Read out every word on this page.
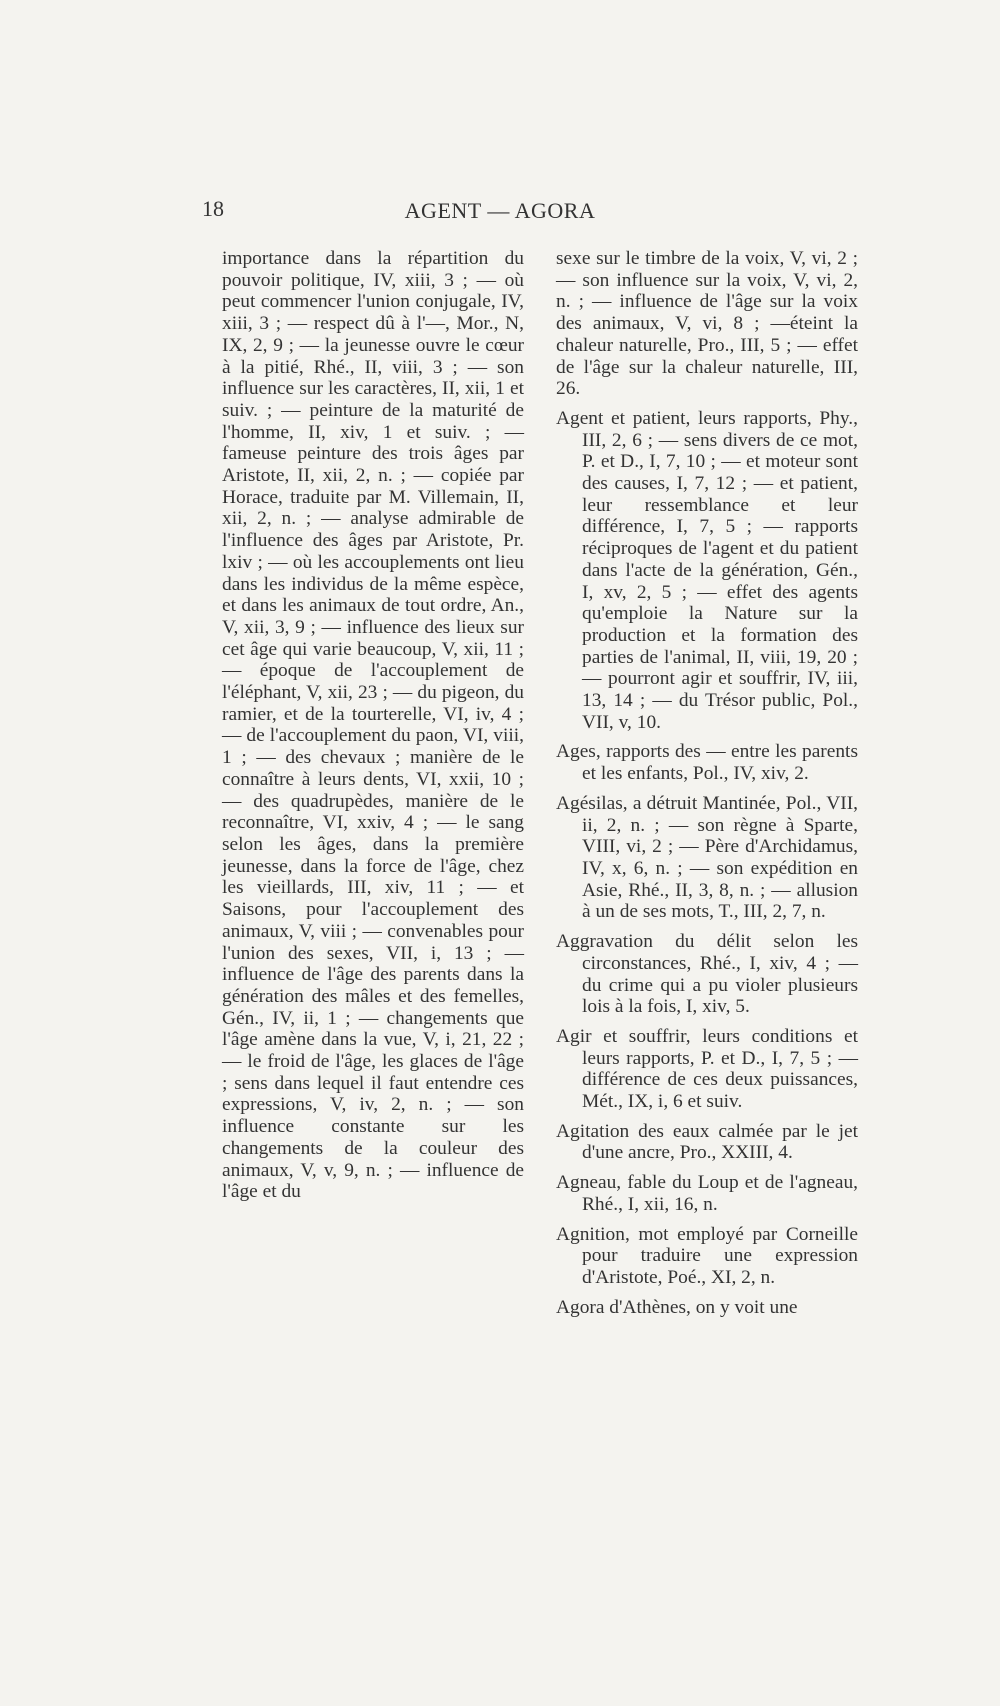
18	AGENT — AGORA

importance dans la répartition du pouvoir politique, IV, xiii, 3 ; — où peut commencer l'union conjugale, IV, xiii, 3 ; — respect dû à l'—, Mor., N, IX, 2, 9 ; — la jeunesse ouvre le cœur à la pitié, Rhé., II, viii, 3 ; — son influence sur les caractères, II, xii, 1 et suiv. ; — peinture de la maturité de l'homme, II, xiv, 1 et suiv. ; — fameuse peinture des trois âges par Aristote, II, xii, 2, n. ; — copiée par Horace, traduite par M. Villemain, II, xii, 2, n. ; — analyse admirable de l'influence des âges par Aristote, Pr. lxiv ; — où les accouplements ont lieu dans les individus de la même espèce, et dans les animaux de tout ordre, An., V, xii, 3, 9 ; — influence des lieux sur cet âge qui varie beaucoup, V, xii, 11 ; — époque de l'accouplement de l'éléphant, V, xii, 23 ; — du pigeon, du ramier, et de la tourterelle, VI, iv, 4 ; — de l'accouplement du paon, VI, viii, 1 ; — des chevaux ; manière de le connaître à leurs dents, VI, xxii, 10 ; — des quadrupèdes, manière de le reconnaître, VI, xxiv, 4 ; — le sang selon les âges, dans la première jeunesse, dans la force de l'âge, chez les vieillards, III, xiv, 11 ; — et Saisons, pour l'accouplement des animaux, V, viii ; — convenables pour l'union des sexes, VII, i, 13 ; — influence de l'âge des parents dans la génération des mâles et des femelles, Gén., IV, ii, 1 ; — changements que l'âge amène dans la vue, V, i, 21, 22 ; — le froid de l'âge, les glaces de l'âge ; sens dans lequel il faut entendre ces expressions, V, iv, 2, n. ; — son influence constante sur les changements de la couleur des animaux, V, v, 9, n. ; — influence de l'âge et du

sexe sur le timbre de la voix, V, vi, 2 ; — son influence sur la voix, V, vi, 2, n. ; — influence de l'âge sur la voix des animaux, V, vi, 8 ; —éteint la chaleur naturelle, Pro., III, 5 ; — effet de l'âge sur la chaleur naturelle, III, 26.

Agent et patient, leurs rapports, Phy., III, 2, 6 ; — sens divers de ce mot, P. et D., I, 7, 10 ; — et moteur sont des causes, I, 7, 12 ; — et patient, leur ressemblance et leur différence, I, 7, 5 ; — rapports réciproques de l'agent et du patient dans l'acte de la génération, Gén., I, xv, 2, 5 ; — effet des agents qu'emploie la Nature sur la production et la formation des parties de l'animal, II, viii, 19, 20 ; — pourront agir et souffrir, IV, iii, 13, 14 ; — du Trésor public, Pol., VII, v, 10.

Ages, rapports des — entre les parents et les enfants, Pol., IV, xiv, 2.

Agésilas, a détruit Mantinée, Pol., VII, ii, 2, n. ; — son règne à Sparte, VIII, vi, 2 ; — Père d'Archidamus, IV, x, 6, n. ; — son expédition en Asie, Rhé., II, 3, 8, n. ; — allusion à un de ses mots, T., III, 2, 7, n.

Aggravation du délit selon les circonstances, Rhé., I, xiv, 4 ; — du crime qui a pu violer plusieurs lois à la fois, I, xiv, 5.

Agir et souffrir, leurs conditions et leurs rapports, P. et D., I, 7, 5 ; — différence de ces deux puissances, Mét., IX, i, 6 et suiv.

Agitation des eaux calmée par le jet d'une ancre, Pro., XXIII, 4.

Agneau, fable du Loup et de l'agneau, Rhé., I, xii, 16, n.

Agnition, mot employé par Corneille pour traduire une expression d'Aristote, Poé., XI, 2, n.

Agora d'Athènes, on y voit une
